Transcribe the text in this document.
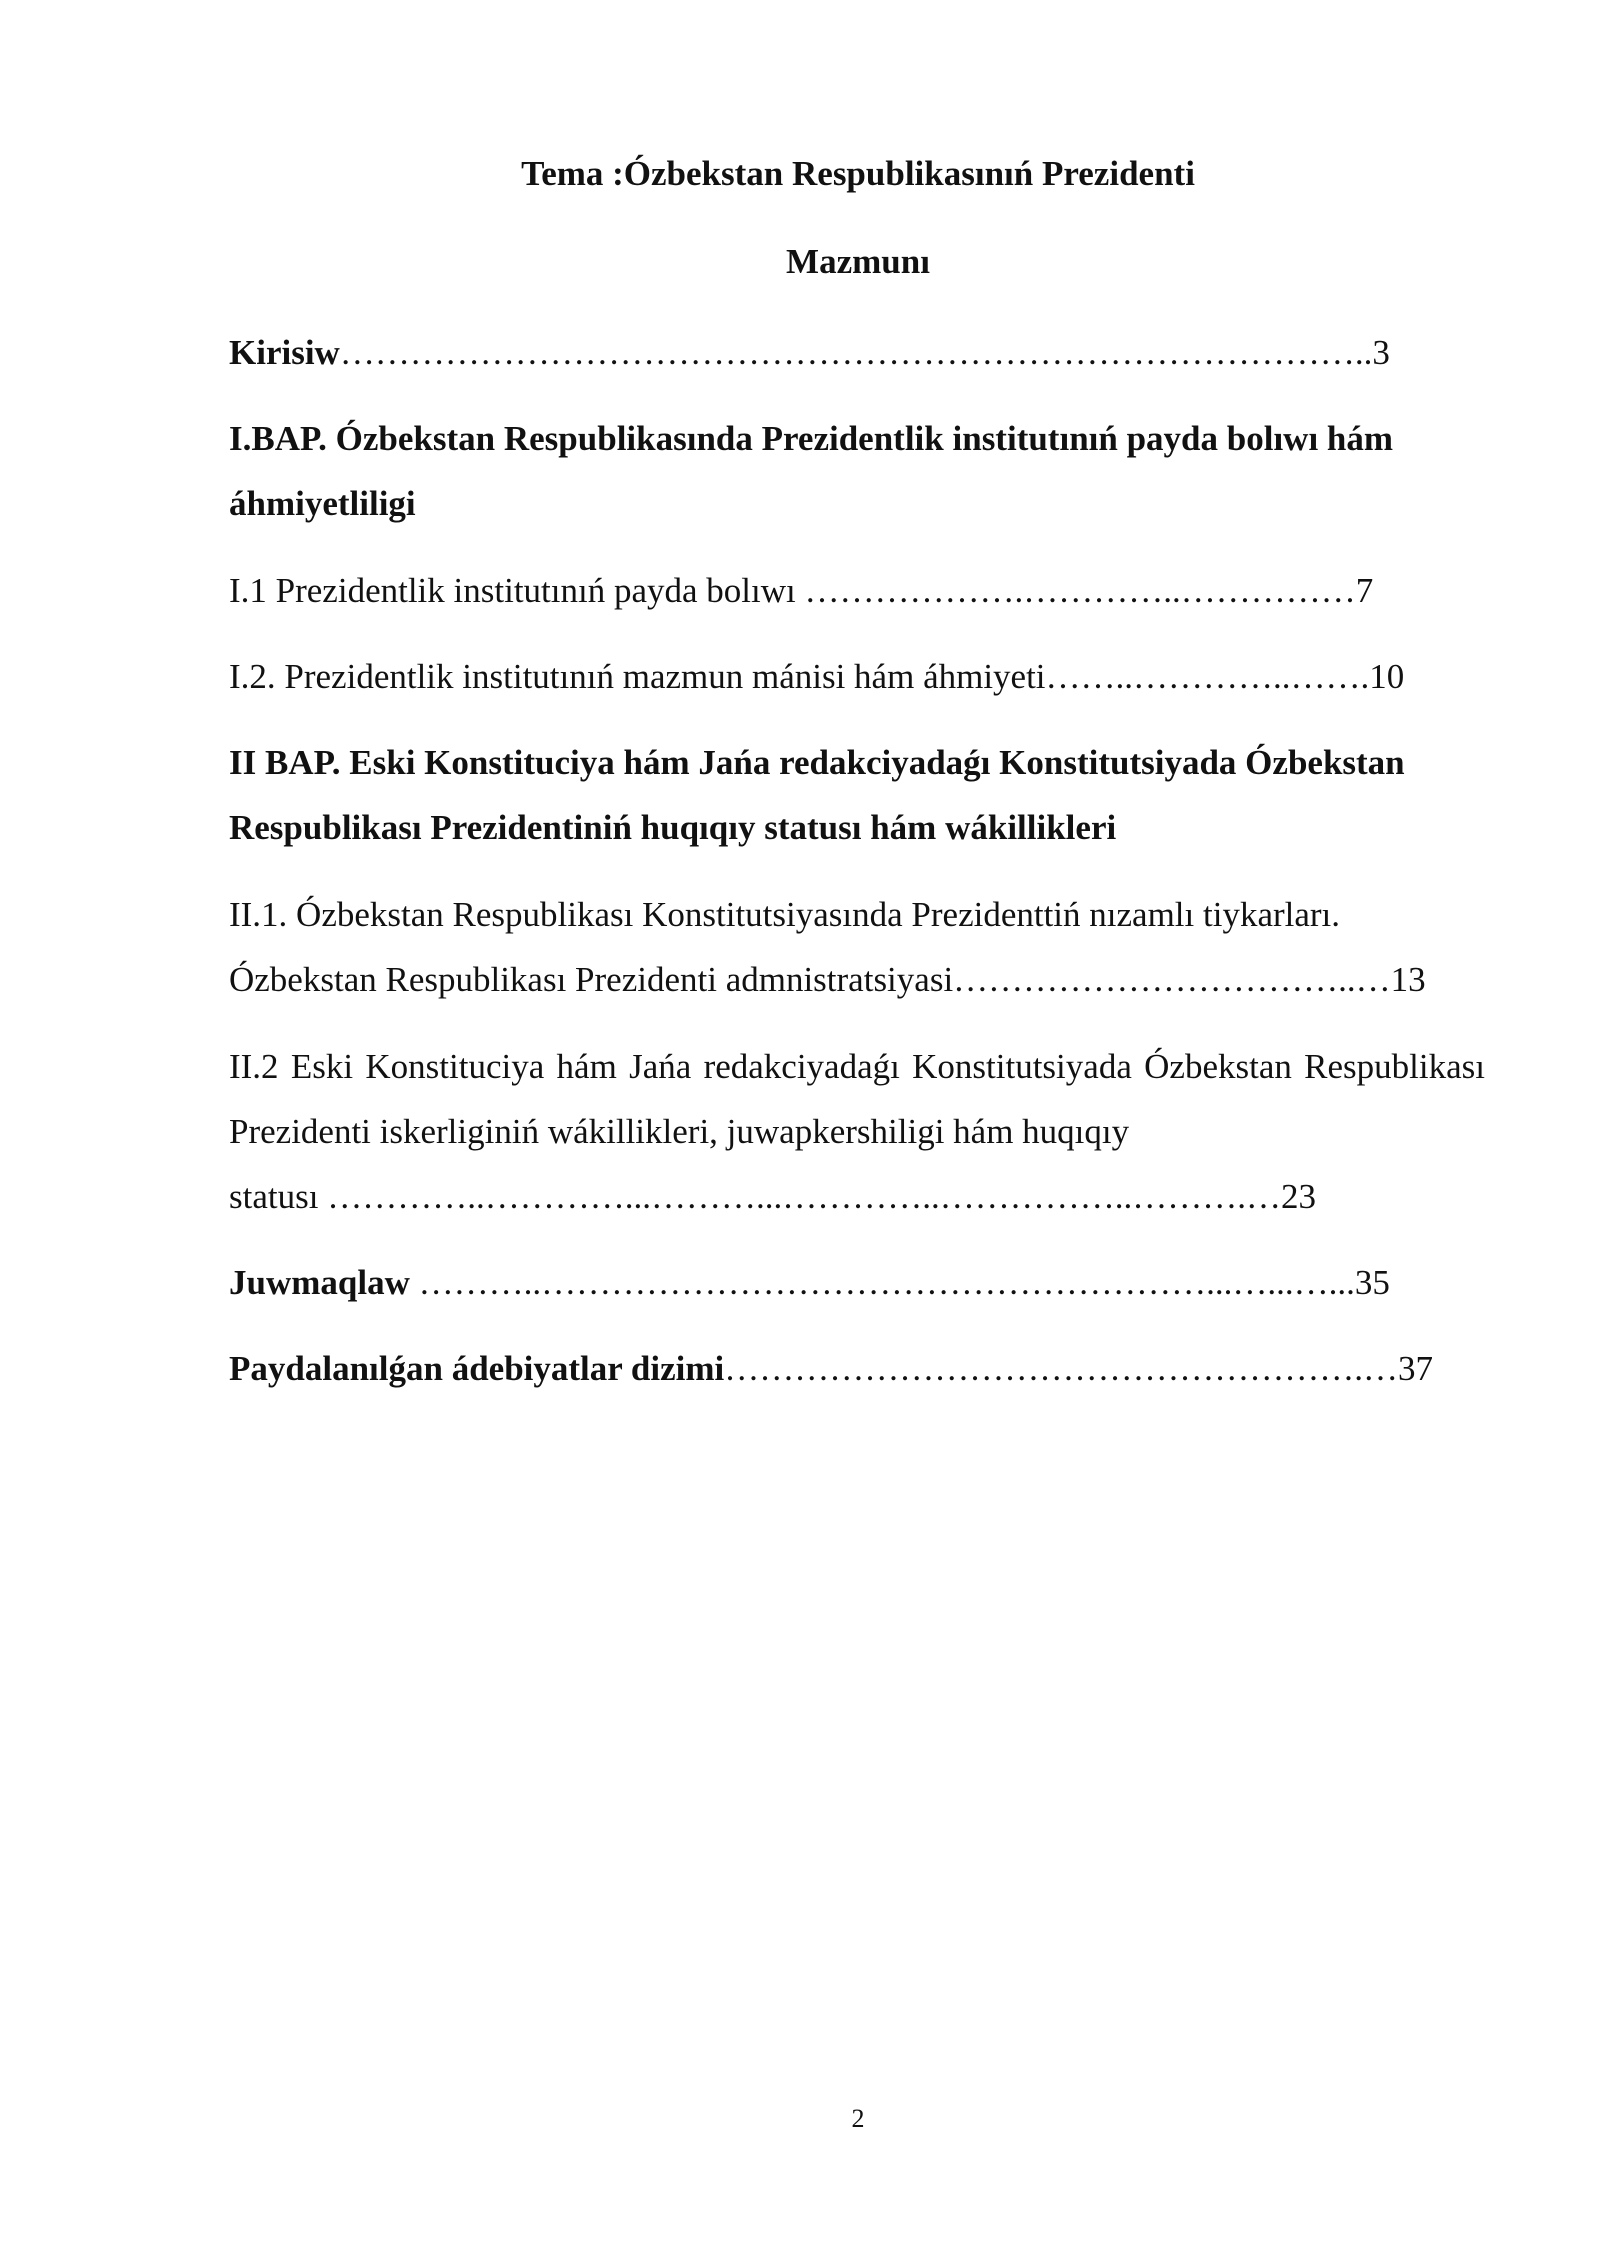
Tema :Ózbekstan Respublikasınıń Prezidenti
Mazmunı
Kirisiw……………………………………………………………………………..3
I.BAP. Ózbekstan Respublikasında Prezidentlik institutınıń payda bolıwı hám áhmiyetliligi
I.1 Prezidentlik institutınıń payda bolıwı ……………….…………..……………7
I.2. Prezidentlik institutınıń mazmun mánisi hám áhmiyeti……..…………..…….10
II BAP. Eski Konstituciya hám Jańa redakciyadaǵı Konstitutsiyada Ózbekstan Respublikası Prezidentiniń huqıqıy statusı hám wákillikleri
II.1. Ózbekstan Respublikası Konstitutsiyasında Prezidenttiń nızamlı tiykarları.
Ózbekstan Respublikası Prezidenti admnistratsiyasi……………………………..…13
II.2 Eski Konstituciya hám Jańa redakciyadaǵı Konstitutsiyada Ózbekstan Respublikası Prezidenti iskerliginiń wákillikleri, juwapkershiligi hám huqıqıy
statusı …………..…………...………...…………..……………..……….…23
Juwmaqlaw ………..…………………………………………………...…...…...35
Paydalanılǵan ádebiyatlar dizimi……………………………………………….…37
2
